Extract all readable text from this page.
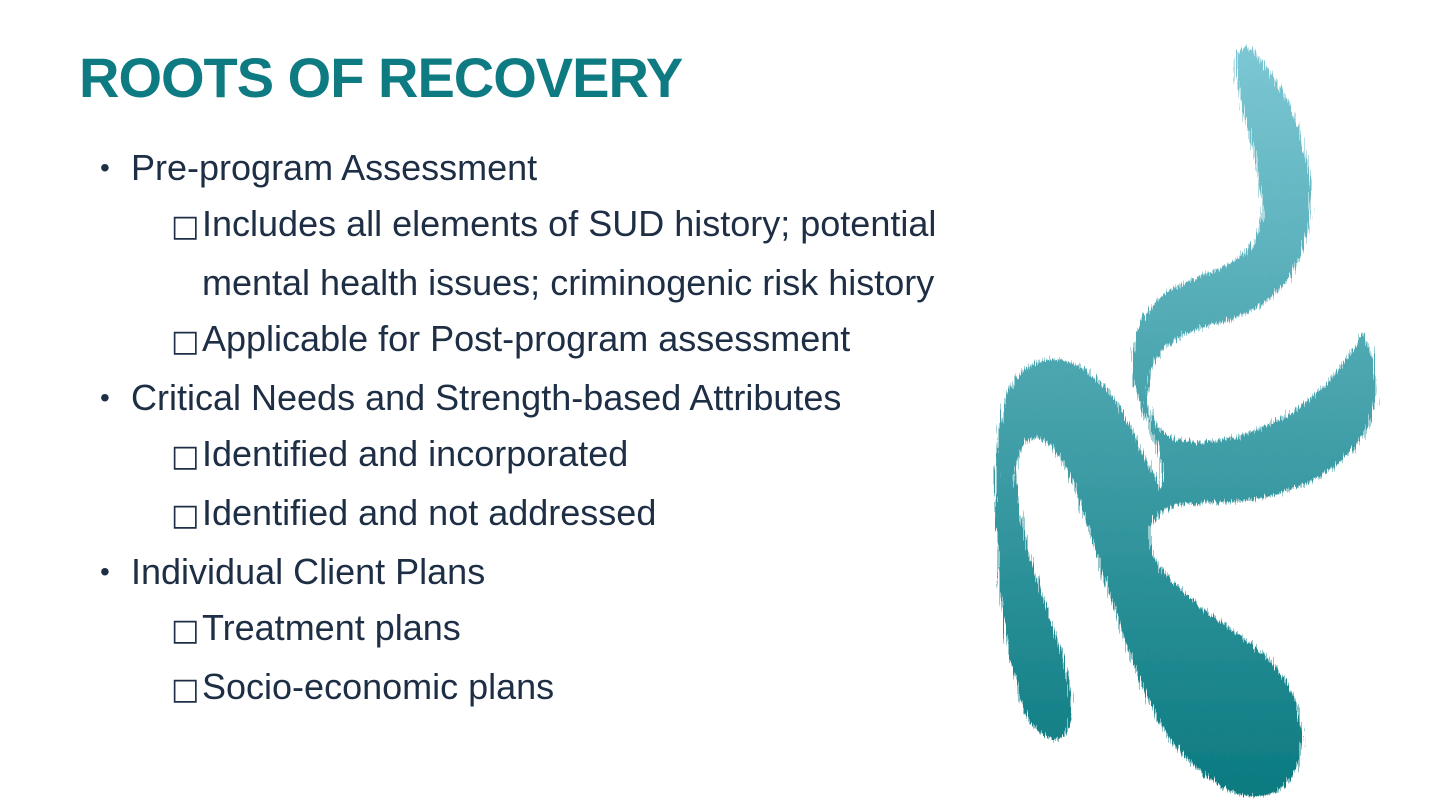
ROOTS OF RECOVERY
• Pre-program Assessment
□Includes all elements of SUD history; potential mental health issues; criminogenic risk history
□Applicable for Post-program assessment
• Critical Needs and Strength-based Attributes
□Identified and incorporated
□Identified and not addressed
• Individual Client Plans
□Treatment plans
□Socio-economic plans
